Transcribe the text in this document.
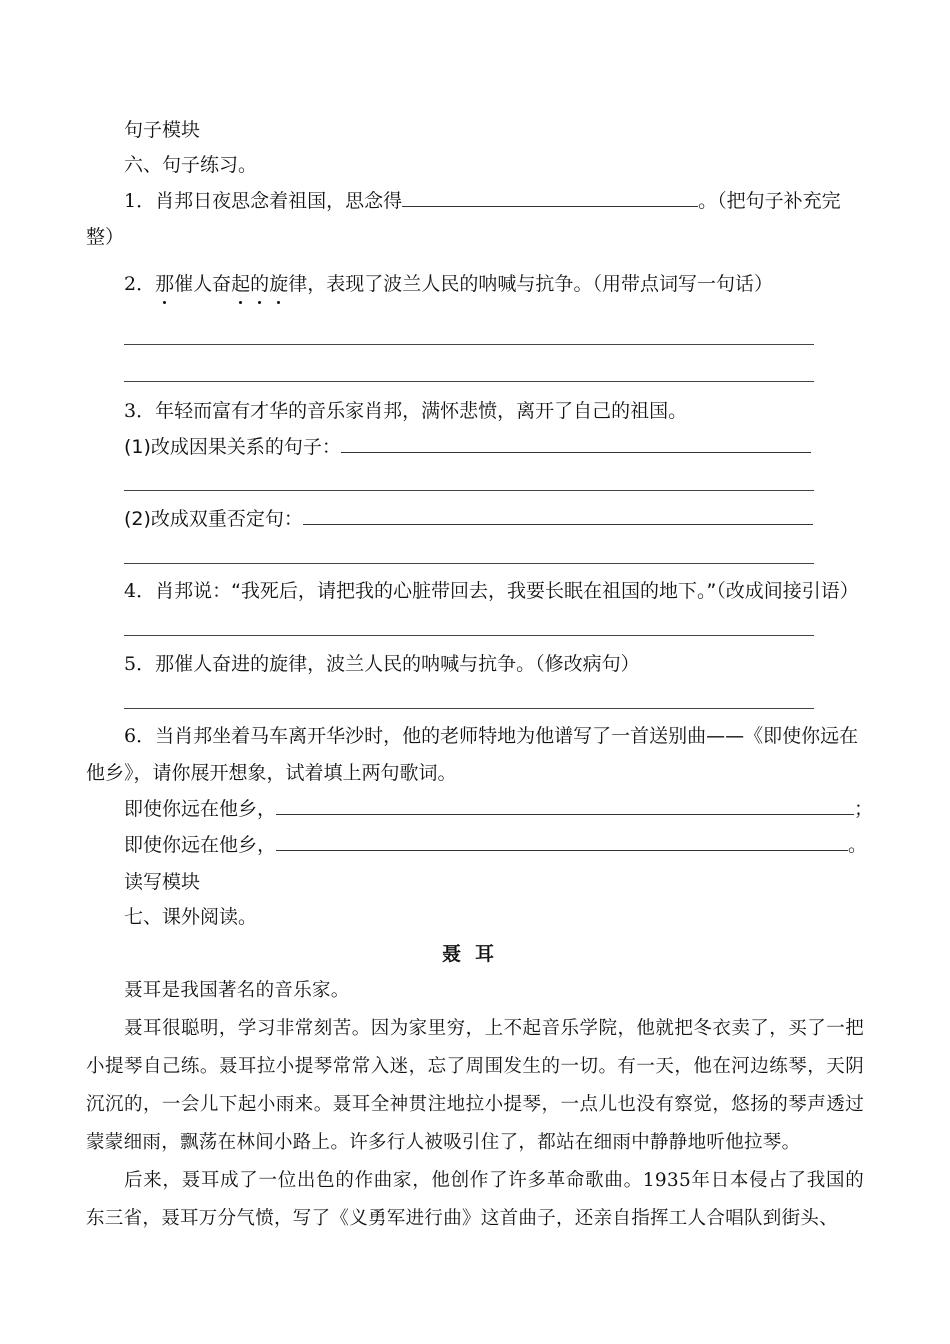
句子模块
六、句子练习。
1．肖邦日夜思念着祖国，思念得	。（把句子补充完
整）
2．那催人奋起的旋律，表现了波兰人民的呐喊与抗争。（用带点词写一句话）
3．年轻而富有才华的音乐家肖邦，满怀悲愤，离开了自己的祖国。
(1)改成因果关系的句子：
(2)改成双重否定句：
4．肖邦说：“我死后，请把我的心脏带回去，我要长眠在祖国的地下。”（改成间接引语）
5．那催人奋进的旋律，波兰人民的呐喊与抗争。（修改病句）
6．当肖邦坐着马车离开华沙时，他的老师特地为他谱写了一首送别曲——《即使你远在
他乡》，请你展开想象，试着填上两句歌词。
即使你远在他乡，	；
即使你远在他乡，	。
读写模块
七、课外阅读。
聂耳
聂耳是我国著名的音乐家。
聂耳很聪明，学习非常刻苦。因为家里穷，上不起音乐学院，他就把冬衣卖了，买了一把小提琴自己练。聂耳拉小提琴常常入迷，忘了周围发生的一切。有一天，他在河边练琴，天阴沉沉的，一会儿下起小雨来。聂耳全神贯注地拉小提琴，一点儿也没有察觉，悠扬的琴声透过蒙蒙细雨，飘荡在林间小路上。许多行人被吸引住了，都站在细雨中静静地听他拉琴。
后来，聂耳成了一位出色的作曲家，他创作了许多革命歌曲。1935年日本侵占了我国的东三省，聂耳万分气愤，写了《义勇军进行曲》这首曲子，还亲自指挥工人合唱队到街头、
